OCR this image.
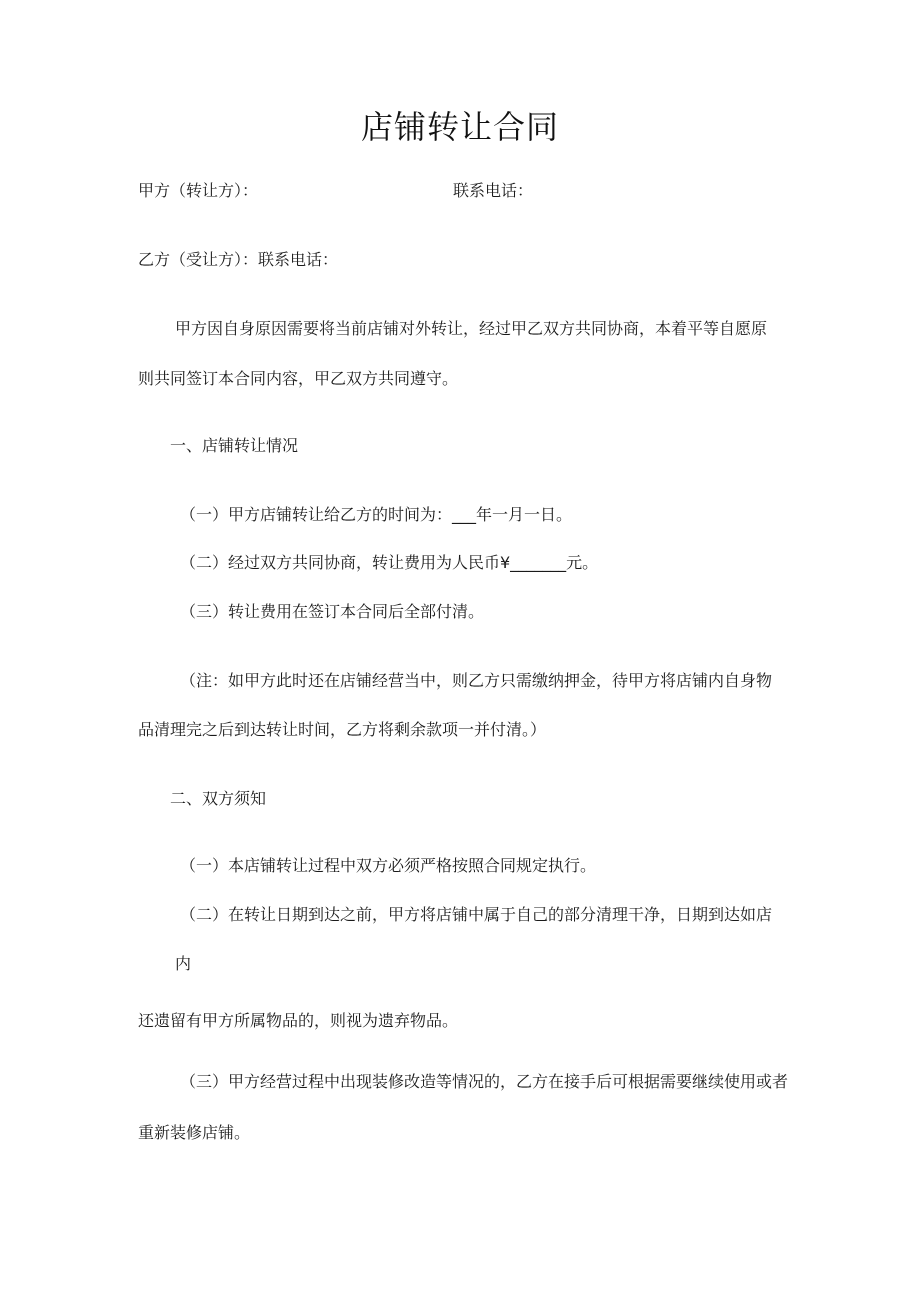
店铺转让合同
甲方（转让方）：	联系电话：
乙方（受让方）：联系电话：
甲方因自身原因需要将当前店铺对外转让，经过甲乙双方共同协商，本着平等自愿原
则共同签订本合同内容，甲乙双方共同遵守。
一、店铺转让情况
（一）甲方店铺转让给乙方的时间为：___年一月一日。
（二）经过双方共同协商，转让费用为人民币¥_______元。
（三）转让费用在签订本合同后全部付清。
（注：如甲方此时还在店铺经营当中，则乙方只需缴纳押金，待甲方将店铺内自身物
品清理完之后到达转让时间，乙方将剩余款项一并付清。）
二、双方须知
（一）本店铺转让过程中双方必须严格按照合同规定执行。
（二）在转让日期到达之前，甲方将店铺中属于自己的部分清理干净，日期到达如店
内
还遗留有甲方所属物品的，则视为遗弃物品。
（三）甲方经营过程中出现装修改造等情况的，乙方在接手后可根据需要继续使用或者
重新装修店铺。
